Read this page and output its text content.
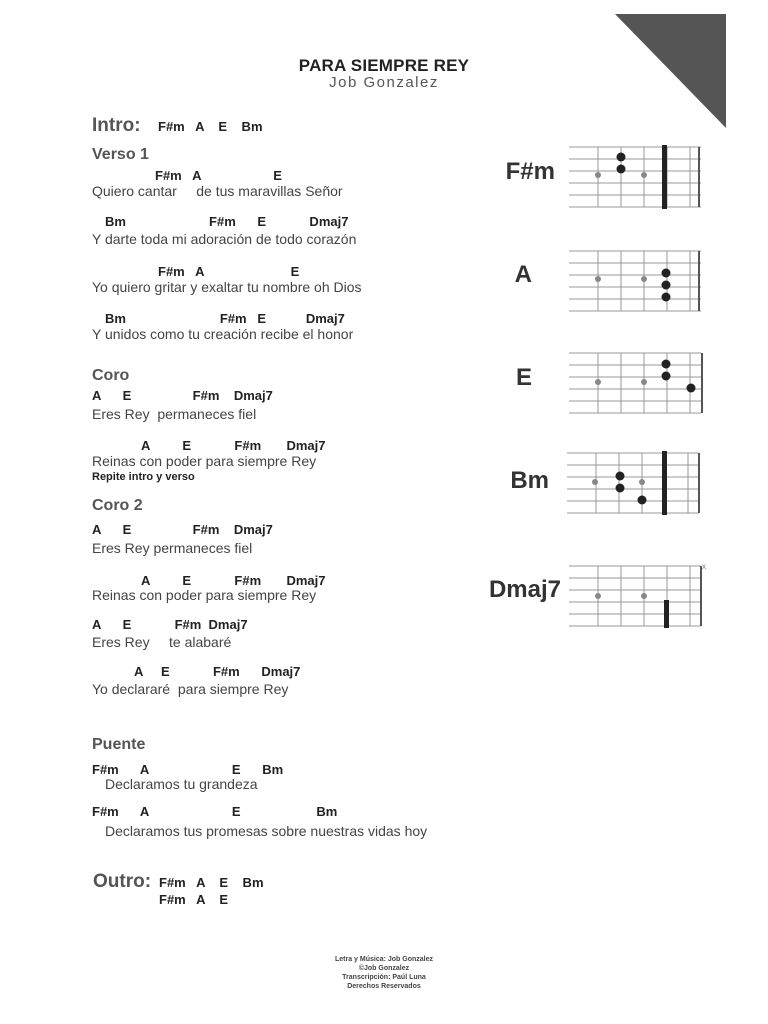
PARA SIEMPRE REY
Job Gonzalez
Intro: F#m   A    E    Bm
Verso 1
F#m   A                    E
Quiero cantar     de tus maravillas Señor
Bm                       F#m      E            Dmaj7
Y darte toda mi adoración de todo corazón
F#m   A                        E
Yo quiero gritar y exaltar tu nombre oh Dios
Bm                          F#m   E           Dmaj7
Y unidos como tu creación recibe el honor
Coro
A      E                 F#m    Dmaj7
Eres Rey  permaneces fiel
A         E            F#m       Dmaj7
Reinas con poder para siempre Rey
Repite intro y verso
Coro 2
A      E                 F#m    Dmaj7
Eres Rey permaneces fiel
A         E            F#m       Dmaj7
Reinas con poder para siempre Rey
A      E            F#m  Dmaj7
Eres Rey     te alabaré
A     E            F#m      Dmaj7
Yo declararé  para siempre Rey
Puente
F#m      A                       E      Bm
Declaramos tu grandeza
F#m      A                       E                     Bm
Declaramos tus promesas sobre nuestras vidas hoy
Outro: F#m   A    E    Bm
F#m   A    E
F#m
A
E
Bm
Dmaj7
x
Letra y Música: Job Gonzalez
©Job Gonzalez
Transcripción: Paúl Luna
Derechos Reservados
